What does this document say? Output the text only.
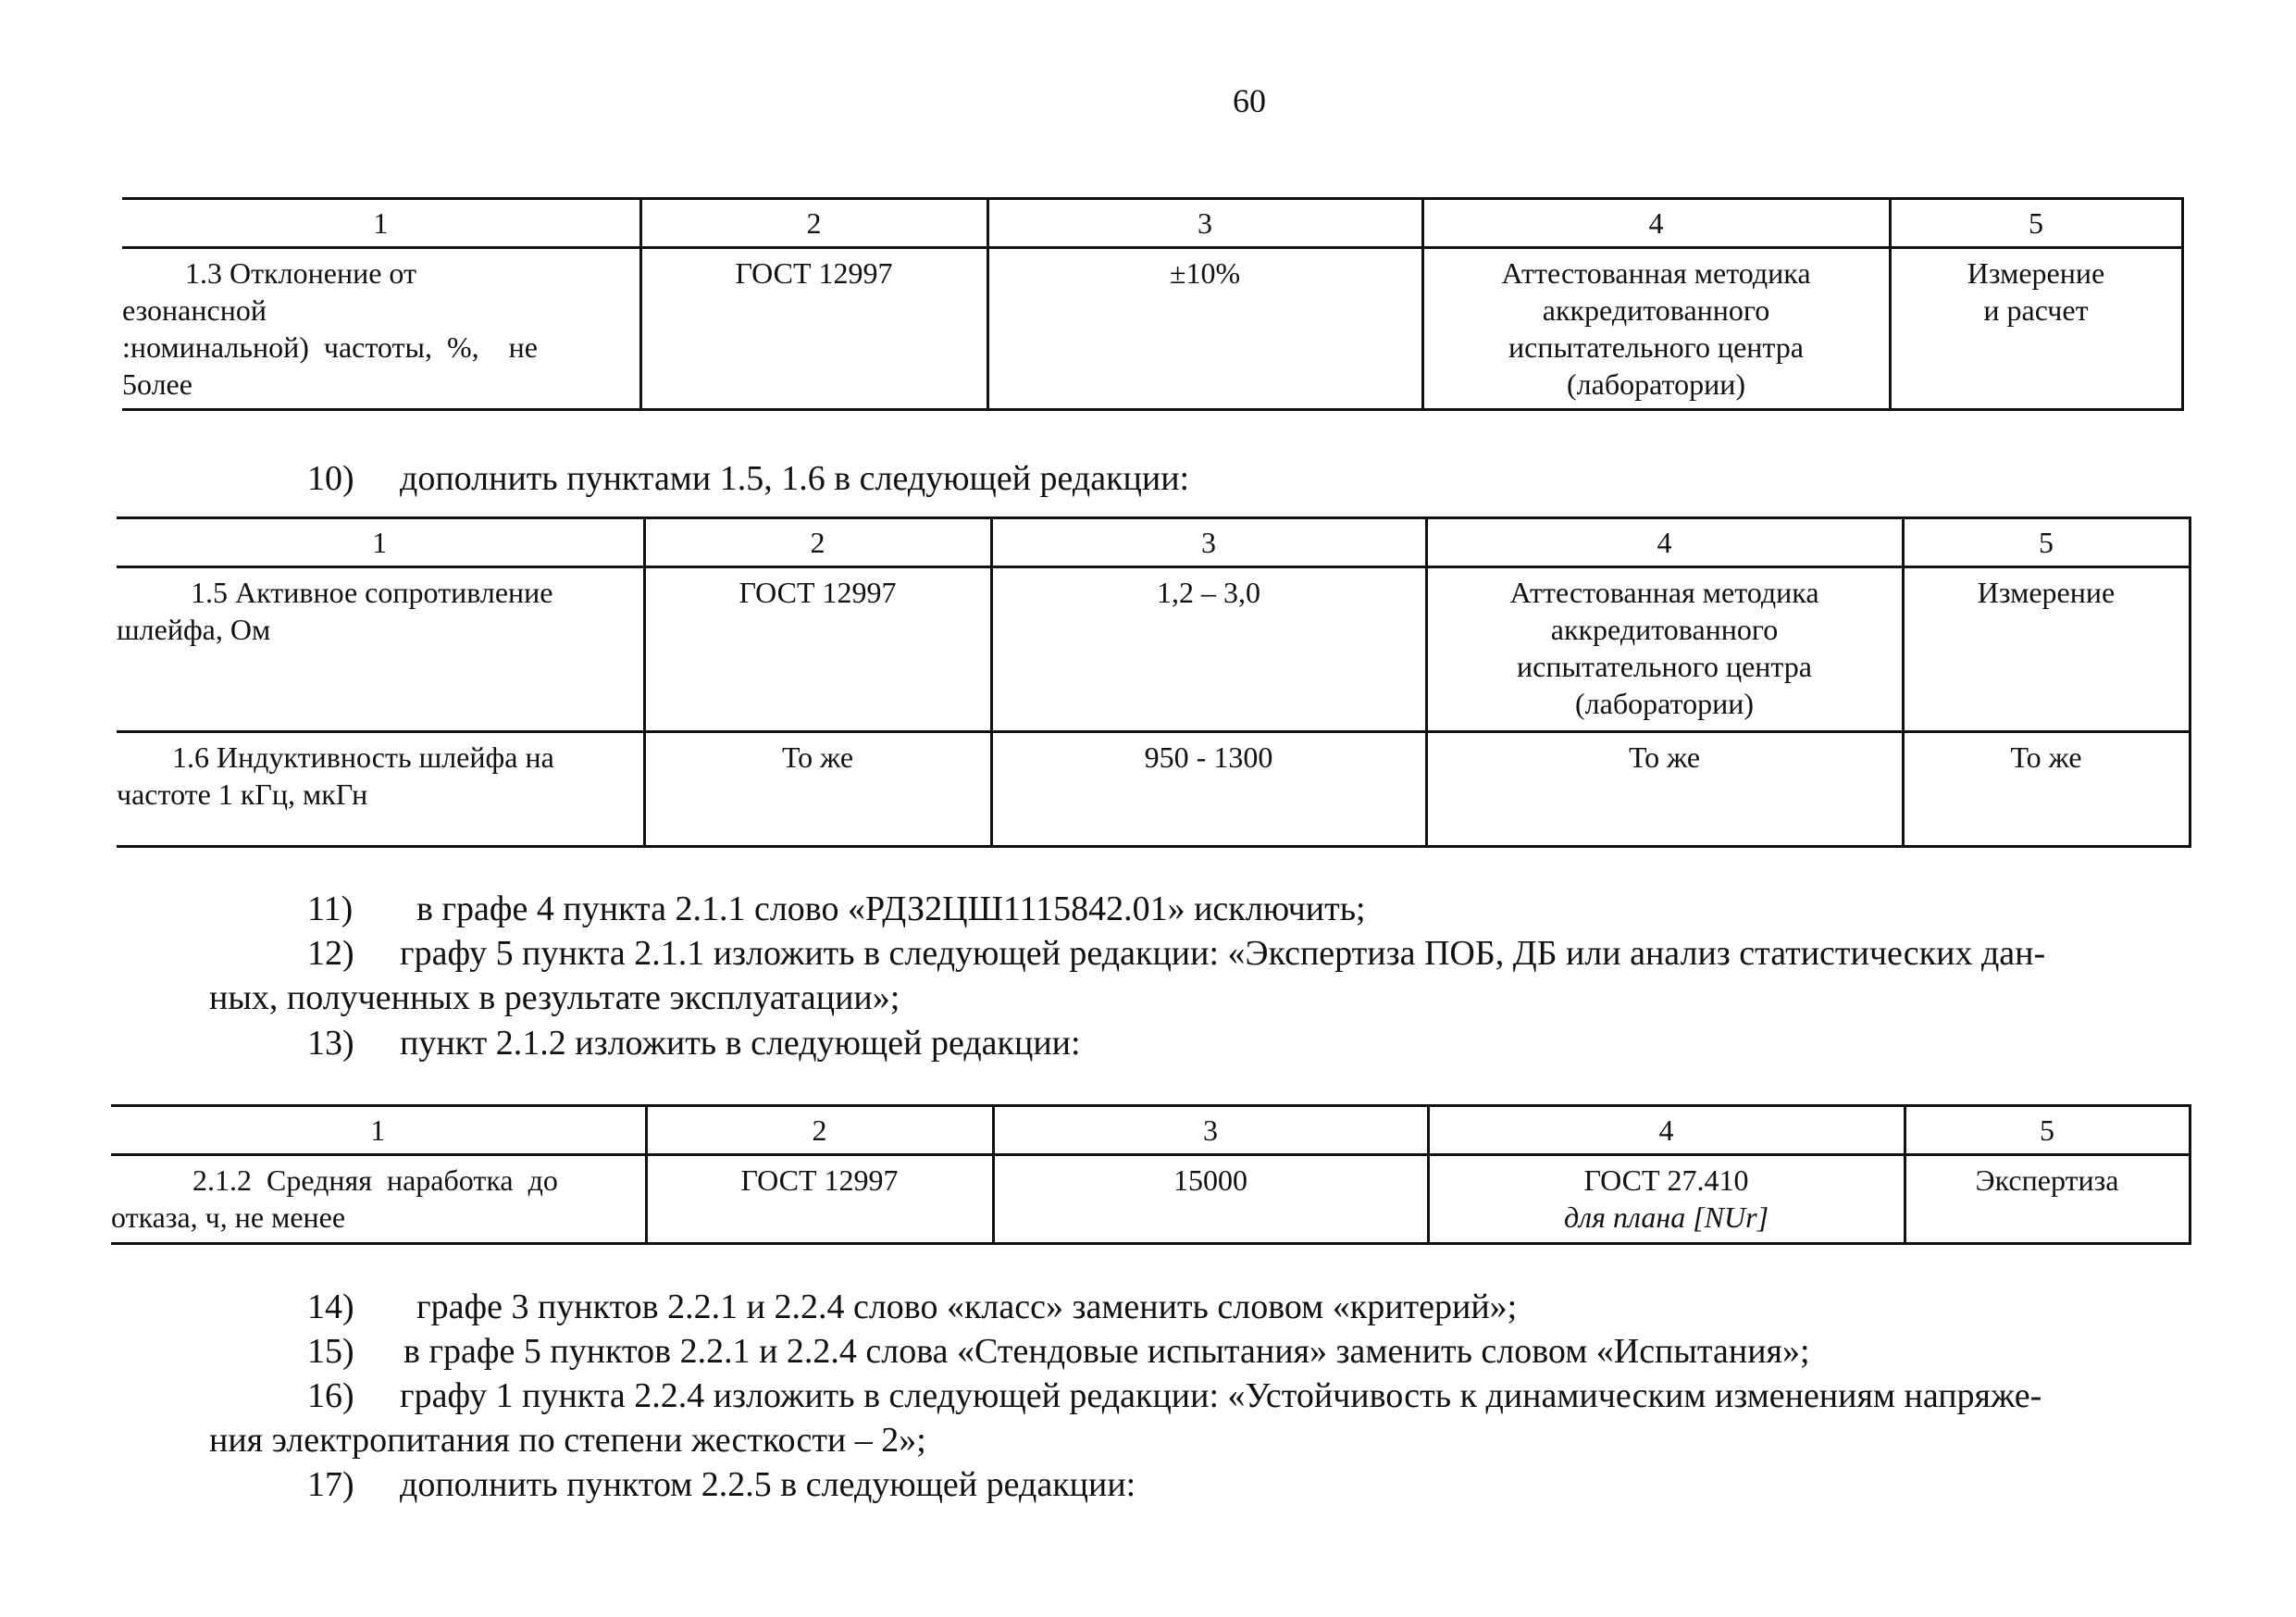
60
1	2	3	4	5

1.3 Отклонение от
езонансной
:номинальной)  частоты,  %,    не
5олее	ГОСТ 12997	±10%	Аттестованная методика
аккредитованного
испытательного центра
(лаборатории)	Измерение
и расчет
10) дополнить пунктами 1.5, 1.6 в следующей редакции:
1	2	3	4	5

1.5 Активное сопротивление
шлейфа, Ом	ГОСТ 12997	1,2 – 3,0	Аттестованная методика
аккредитованного
испытательного центра
(лаборатории)	Измерение

1.6 Индуктивность шлейфа на
частоте 1 кГц, мкГн	То же	950 - 1300	То же	То же
11) в графе 4 пункта 2.1.1 слово «РДЗ2ЦШ1115842.01» исключить;
12) графу 5 пункта 2.1.1 изложить в следующей редакции: «Экспертиза ПОБ, ДБ или анализ статистических дан-
ных, полученных в результате эксплуатации»;
13) пункт 2.1.2 изложить в следующей редакции:
1	2	3	4	5

2.1.2  Средняя  наработка  до
отказа, ч, не менее	ГОСТ 12997	15000	ГОСТ 27.410
для плана [NUr]	Экспертиза
14) графе 3 пунктов 2.2.1 и 2.2.4 слово «класс» заменить словом «критерий»;
15) в графе 5 пунктов 2.2.1 и 2.2.4 слова «Стендовые испытания» заменить словом «Испытания»;
16) графу 1 пункта 2.2.4 изложить в следующей редакции: «Устойчивость к динамическим изменениям напряже-
ния электропитания по степени жесткости – 2»;
17) дополнить пунктом 2.2.5 в следующей редакции:
